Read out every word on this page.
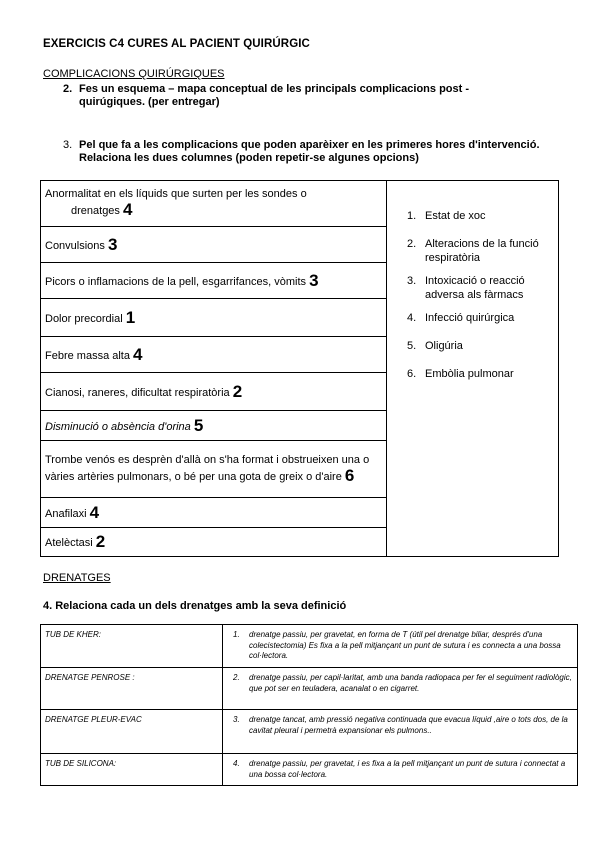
EXERCICIS C4 CURES AL PACIENT QUIRÚRGIC
COMPLICACIONS QUIRÚRGIQUES
2. Fes un esquema – mapa conceptual de les principals complicacions post -quirúgiques. (per entregar)
3. Pel que fa a les complicacions que poden aparèixer en les primeres hores d'intervenció. Relaciona les dues columnes (poden repetir-se algunes opcions)
Anormalitat en els líquids que surten per les sondes o
drenatges 4	1. Estat de xoc
2. Alteracions de la funció respiratòria
3. Intoxicació o reacció adversa als fàrmacs
4. Infecció quirúrgica
5. Oligúria
6. Embòlia pulmonar

Convulsions 3
Picors o inflamacions de la pell, esgarrifances, vòmits 3
Dolor precordial 1
Febre massa alta 4
Cianosi, raneres, dificultat respiratòria 2
Disminució o absència d'orina 5
Trombe venós es desprèn d'allà on s'ha format i obstrueixen una o vàries artèries pulmonars, o bé per una gota de greix o d'aire 6
Anafilaxi 4
Atelèctasi 2
DRENATGES
4. Relaciona cada un dels drenatges amb la seva definició
TUB DE KHER:	1. drenatge passiu, per gravetat, en forma de T (útil pel drenatge biliar, després d'una colecistectomia) Es fixa a la pell mitjançant un punt de sutura i es connecta a una bossa col·lectora.

DRENATGE PENROSE :	2. drenatge passiu, per capil·laritat, amb una banda radiopaca per fer el seguiment radiològic, que pot ser en teuladera, acanalat o en cigarret.

DRENATGE PLEUR-EVAC	3. drenatge tancat, amb pressió negativa continuada que evacua líquid ,aire o tots dos, de la cavitat pleural i permetrà expansionar els pulmons..

TUB DE SILICONA:	4. drenatge passiu, per gravetat, i es fixa a la pell mitjançant un punt de sutura i connectat a una bossa col·lectora.
